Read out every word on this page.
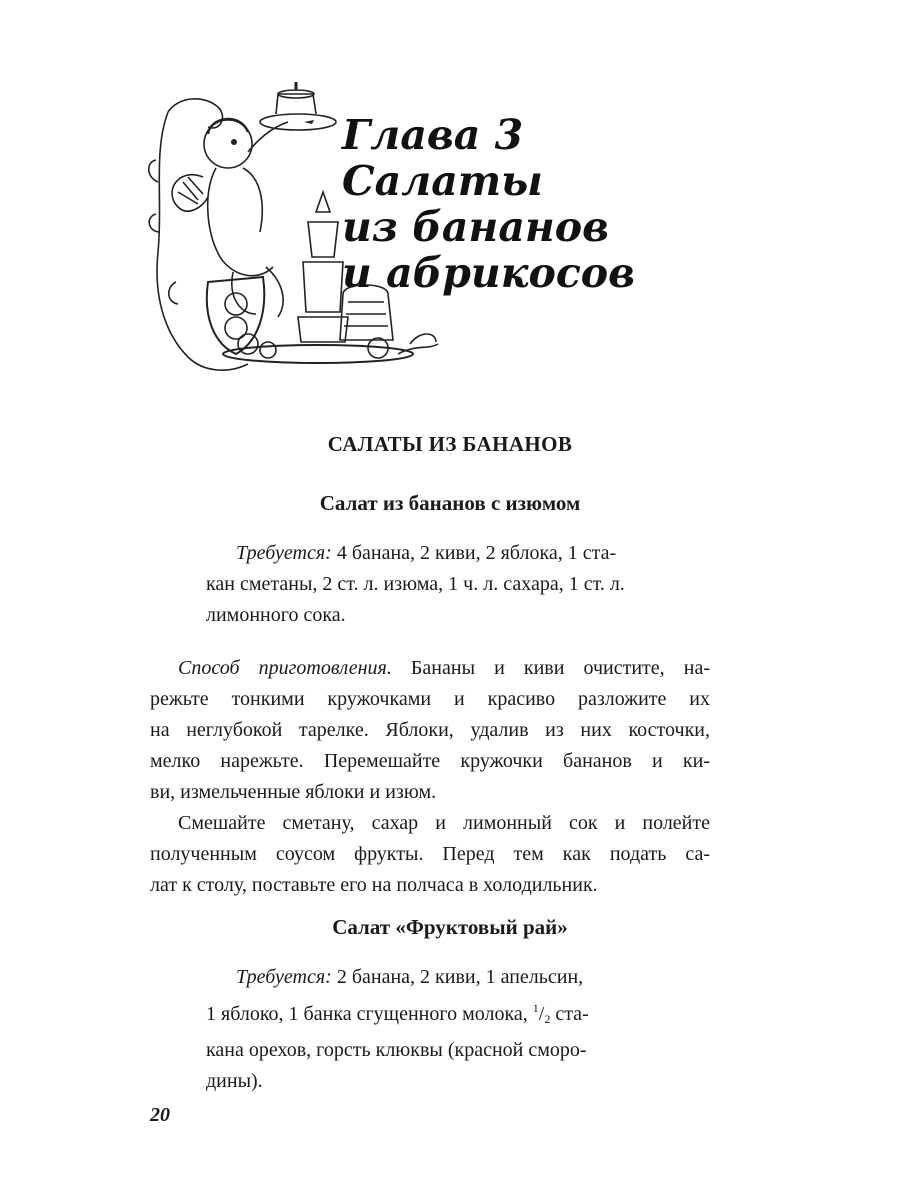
Глава 3
Салаты
из бананов
и абрикосов
САЛАТЫ ИЗ БАНАНОВ
Салат из бананов с изюмом
Требуется: 4 банана, 2 киви, 2 яблока, 1 ста-
кан сметаны, 2 ст. л. изюма, 1 ч. л. сахара, 1 ст. л.
лимонного сока.
Способ приготовления. Бананы и киви очистите, на-
режьте тонкими кружочками и красиво разложите их
на неглубокой тарелке. Яблоки, удалив из них косточки,
мелко нарежьте. Перемешайте кружочки бананов и ки-
ви, измельченные яблоки и изюм.
Смешайте сметану, сахар и лимонный сок и полейте
полученным соусом фрукты. Перед тем как подать са-
лат к столу, поставьте его на полчаса в холодильник.
Салат «Фруктовый рай»
Требуется: 2 банана, 2 киви, 1 апельсин,
1 яблоко, 1 банка сгущенного молока, $^1/_2$ ста-
кана орехов, горсть клюквы (красной сморо-
дины).
20
